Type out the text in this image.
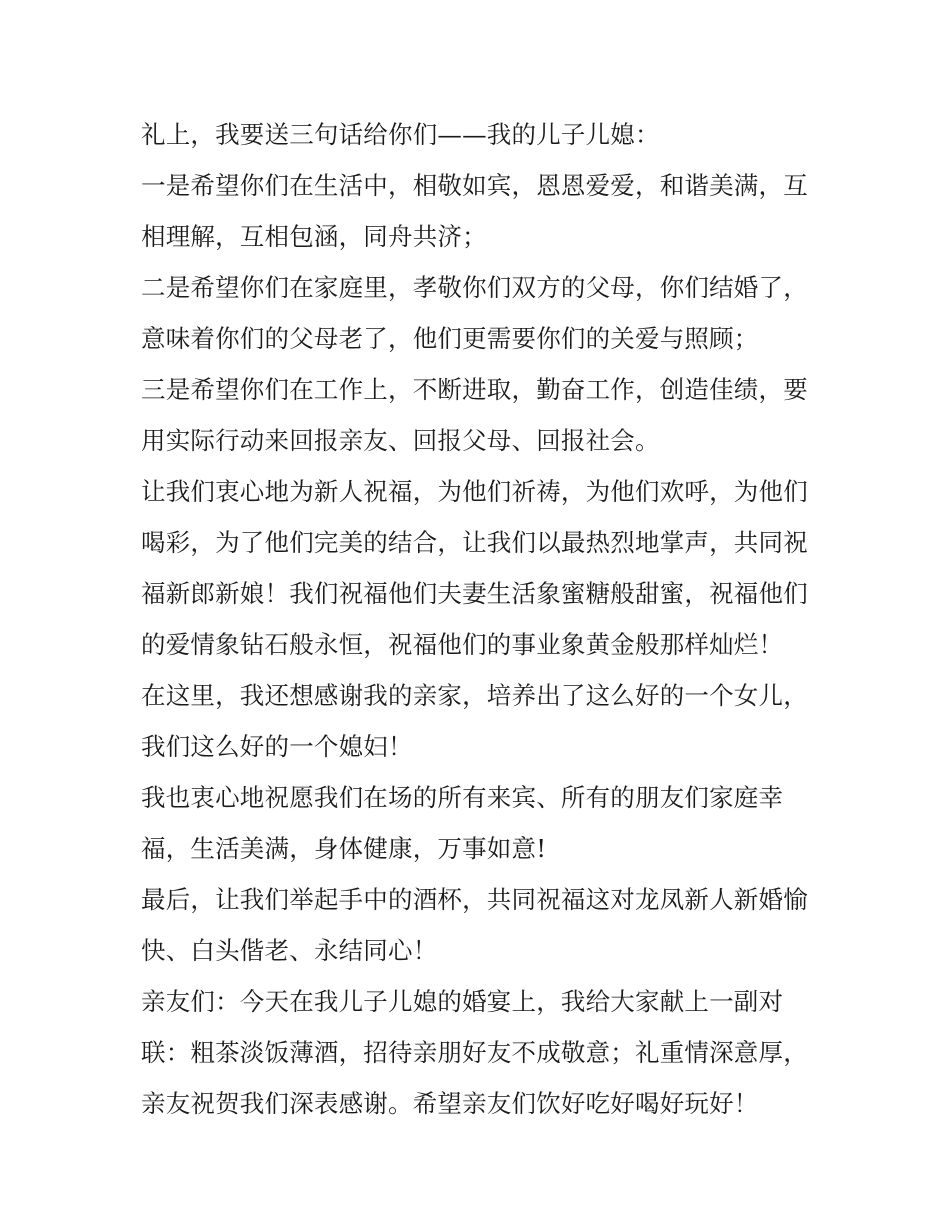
礼上，我要送三句话给你们——我的儿子儿媳：
一是希望你们在生活中，相敬如宾，恩恩爱爱，和谐美满，互
相理解，互相包涵，同舟共济；
二是希望你们在家庭里，孝敬你们双方的父母，你们结婚了，
意味着你们的父母老了，他们更需要你们的关爱与照顾；
三是希望你们在工作上，不断进取，勤奋工作，创造佳绩，要
用实际行动来回报亲友、回报父母、回报社会。
让我们衷心地为新人祝福，为他们祈祷，为他们欢呼，为他们
喝彩，为了他们完美的结合，让我们以最热烈地掌声，共同祝
福新郎新娘！我们祝福他们夫妻生活象蜜糖般甜蜜，祝福他们
的爱情象钻石般永恒，祝福他们的事业象黄金般那样灿烂！
在这里，我还想感谢我的亲家，培养出了这么好的一个女儿，
我们这么好的一个媳妇！
我也衷心地祝愿我们在场的所有来宾、所有的朋友们家庭幸
福，生活美满，身体健康，万事如意!
最后，让我们举起手中的酒杯，共同祝福这对龙凤新人新婚愉
快、白头偕老、永结同心！
亲友们：今天在我儿子儿媳的婚宴上，我给大家献上一副对
联：粗茶淡饭薄酒，招待亲朋好友不成敬意；礼重情深意厚，
亲友祝贺我们深表感谢。希望亲友们饮好吃好喝好玩好！
